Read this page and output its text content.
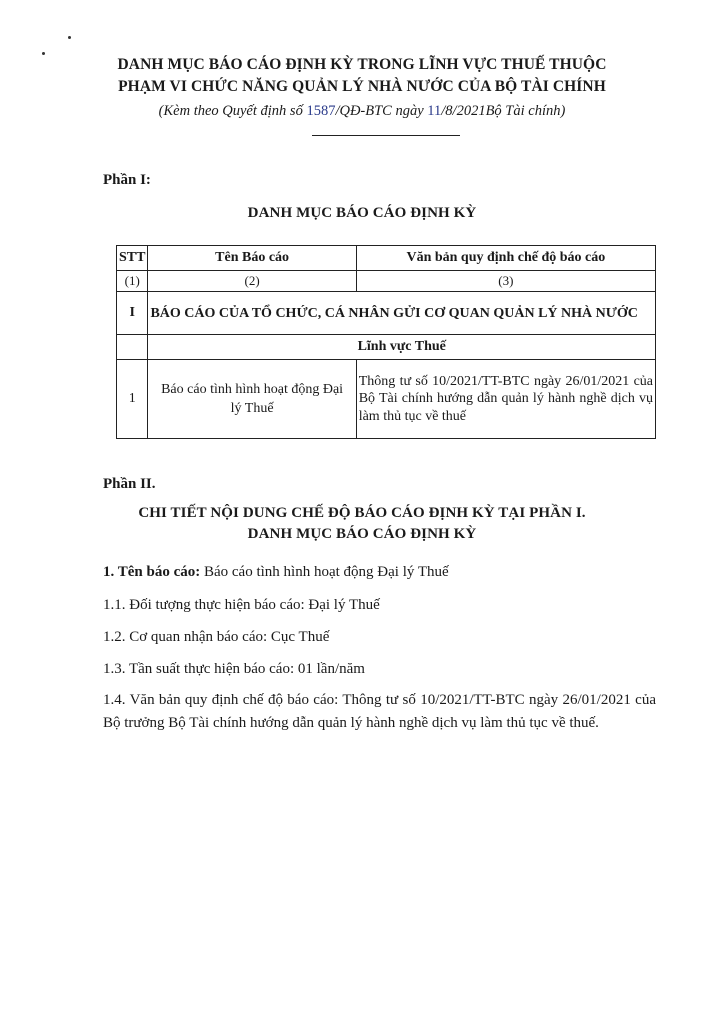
DANH MỤC BÁO CÁO ĐỊNH KỲ TRONG LĨNH VỰC THUẾ THUỘC
PHẠM VI CHỨC NĂNG QUẢN LÝ NHÀ NƯỚC CỦA BỘ TÀI CHÍNH
(Kèm theo Quyết định số 1587/QĐ-BTC ngày 11/8/2021Bộ Tài chính)
Phần I:
DANH MỤC BÁO CÁO ĐỊNH KỲ
STT	Tên Báo cáo	Văn bản quy định chế độ báo cáo
(1)	(2)	(3)
I	BÁO CÁO CỦA TỔ CHỨC, CÁ NHÂN GỬI CƠ QUAN QUẢN LÝ NHÀ NƯỚC	
	Lĩnh vực Thuế	
1	Báo cáo tình hình hoạt động Đại lý Thuế	Thông tư số 10/2021/TT-BTC ngày 26/01/2021 của Bộ Tài chính hướng dẫn quản lý hành nghề dịch vụ làm thủ tục về thuế
Phần II.
CHI TIẾT NỘI DUNG CHẾ ĐỘ BÁO CÁO ĐỊNH KỲ TẠI PHẦN I.
DANH MỤC BÁO CÁO ĐỊNH KỲ
1. Tên báo cáo: Báo cáo tình hình hoạt động Đại lý Thuế
1.1. Đối tượng thực hiện báo cáo: Đại lý Thuế
1.2. Cơ quan nhận báo cáo: Cục Thuế
1.3. Tần suất thực hiện báo cáo: 01 lần/năm
1.4. Văn bản quy định chế độ báo cáo: Thông tư số 10/2021/TT-BTC ngày 26/01/2021 của Bộ trưởng Bộ Tài chính hướng dẫn quản lý hành nghề dịch vụ làm thủ tục về thuế.
